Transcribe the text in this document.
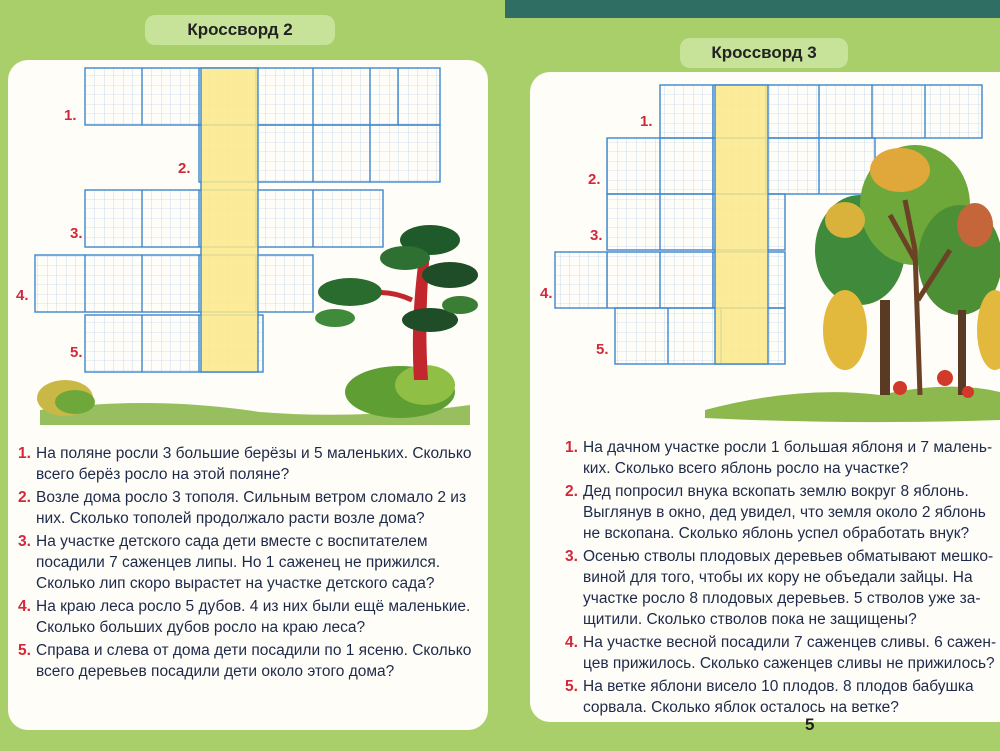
Кроссворд 2
Кроссворд 3
1.
2.
3.
4.
5.
1.
2.
3.
4.
5.
1. На поляне росли 3 большие берёзы и 5 маленьких. Сколько всего берёз росло на этой поляне?
2. Возле дома росло 3 тополя. Сильным ветром сломало 2 из них. Сколько тополей продолжало расти возле дома?
3. На участке детского сада дети вместе с воспитателем посадили 7 саженцев липы. Но 1 саженец не прижился. Сколько лип скоро вырастет на участке детского сада?
4. На краю леса росло 5 дубов. 4 из них были ещё маленькие. Сколько больших дубов росло на краю леса?
5. Справа и слева от дома дети посадили по 1 ясеню. Сколько всего деревьев посадили дети около этого дома?
1. На дачном участке росли 1 большая яблоня и 7 малень- ких. Сколько всего яблонь росло на участке?
2. Дед попросил внука вскопать землю вокруг 8 яблонь. Выглянув в окно, дед увидел, что земля около 2 яблонь не вскопана. Сколько яблонь успел обработать внук?
3. Осенью стволы плодовых деревьев обматывают мешко- виной для того, чтобы их кору не объедали зайцы. На участке росло 8 плодовых деревьев. 5 стволов уже за- щитили. Сколько стволов пока не защищены?
4. На участке весной посадили 7 саженцев сливы. 6 сажен- цев прижилось. Сколько саженцев сливы не прижилось?
5. На ветке яблони висело 10 плодов. 8 плодов бабушка сорвала. Сколько яблок осталось на ветке?
5
